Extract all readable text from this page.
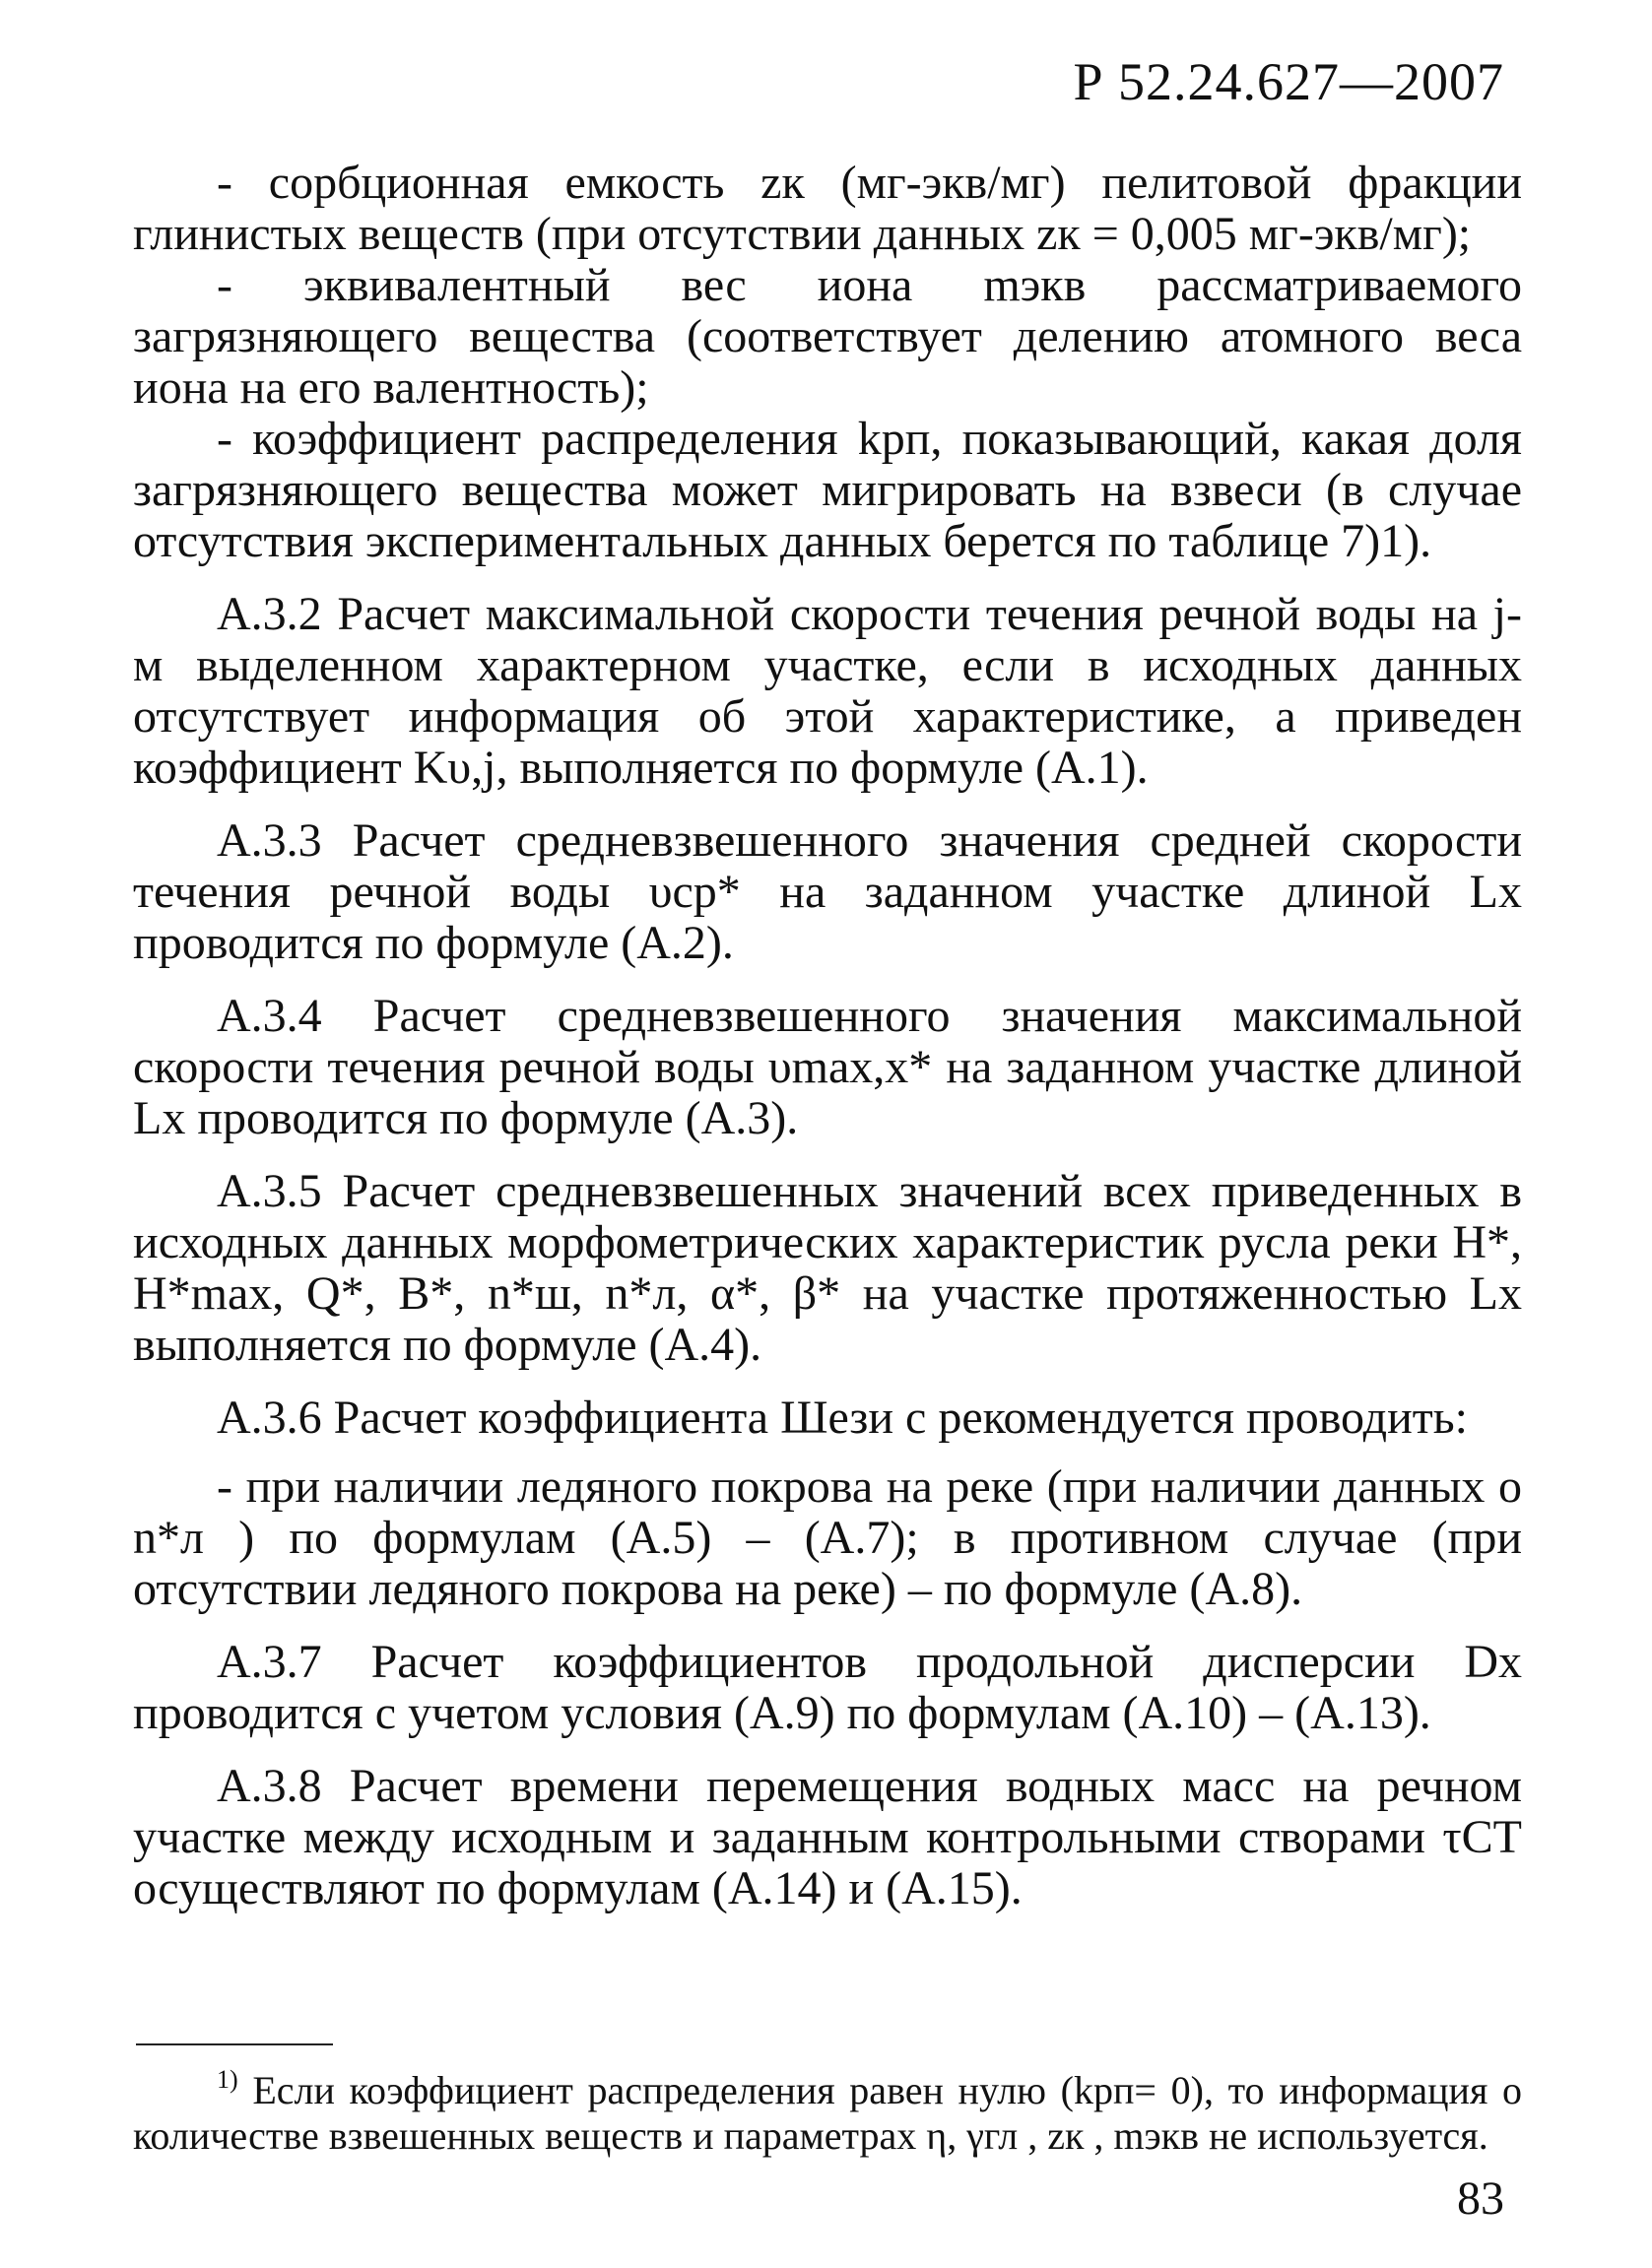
Р 52.24.627—2007

- сорбционная емкость zк (мг-экв/мг) пелитовой фракции глинистых веществ (при отсутствии данных zк = 0,005 мг-экв/мг);

- эквивалентный вес иона mэкв рассматриваемого загрязняющего вещества (соответствует делению атомного веса иона на его валентность);

- коэффициент распределения kрп, показывающий, какая доля загрязняющего вещества может мигрировать на взвеси (в случае отсутствия экспериментальных данных берется по таблице 7)1).

А.3.2 Расчет максимальной скорости течения речной воды на j-м выделенном характерном участке, если в исходных данных отсутствует информация об этой характеристике, а приведен коэффициент Kυ,j, выполняется по формуле (А.1).

А.3.3 Расчет средневзвешенного значения средней скорости течения речной воды υср* на заданном участке длиной Lx проводится по формуле (А.2).

А.3.4 Расчет средневзвешенного значения максимальной скорости течения речной воды υmax,x* на заданном участке длиной Lx проводится по формуле (А.3).

А.3.5 Расчет средневзвешенных значений всех приведенных в исходных данных морфометрических характеристик русла реки H*, H*max, Q*, B*, n*ш, n*л, α*, β* на участке протяженностью Lx выполняется по формуле (А.4).

А.3.6 Расчет коэффициента Шези c рекомендуется проводить:

- при наличии ледяного покрова на реке (при наличии данных о n*л ) по формулам (А.5) – (А.7); в противном случае (при отсутствии ледяного покрова на реке) – по формуле (А.8).

А.3.7 Расчет коэффициентов продольной дисперсии Dx проводится с учетом условия (А.9) по формулам (А.10) – (А.13).

А.3.8 Расчет времени перемещения водных масс на речном участке между исходным и заданным контрольными створами τCT осуществляют по формулам (А.14) и (А.15).

$^{1)}$ Если коэффициент распределения равен нулю (kрп= 0), то информация о количестве взвешенных веществ и параметрах η, γгл , zк , mэкв не используется.
83
